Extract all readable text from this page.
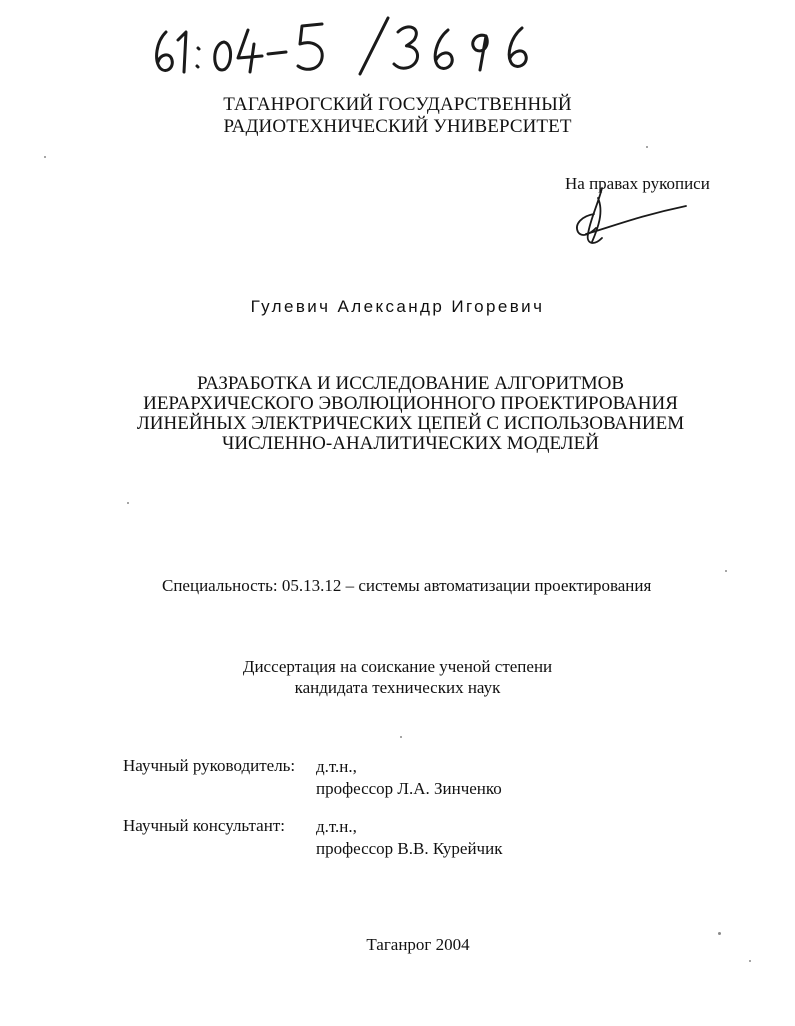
ТАГАНРОГСКИЙ ГОСУДАРСТВЕННЫЙ
РАДИОТЕХНИЧЕСКИЙ УНИВЕРСИТЕТ
На правах рукописи
Гулевич Александр Игоревич
РАЗРАБОТКА И ИССЛЕДОВАНИЕ АЛГОРИТМОВ
ИЕРАРХИЧЕСКОГО ЭВОЛЮЦИОННОГО ПРОЕКТИРОВАНИЯ
ЛИНЕЙНЫХ ЭЛЕКТРИЧЕСКИХ ЦЕПЕЙ С ИСПОЛЬЗОВАНИЕМ
ЧИСЛЕННО-АНАЛИТИЧЕСКИХ МОДЕЛЕЙ
Специальность: 05.13.12 – системы автоматизации проектирования
Диссертация на соискание ученой степени
кандидата технических наук
Научный руководитель: д.т.н.,
профессор Л.А. Зинченко
Научный консультант: д.т.н.,
профессор В.В. Курейчик
Таганрог 2004
